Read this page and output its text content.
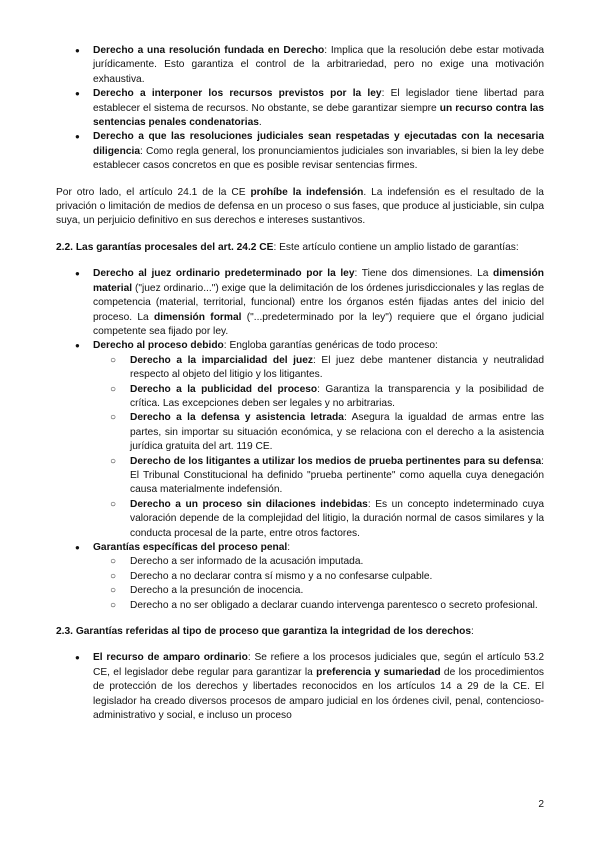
● Derecho a una resolución fundada en Derecho: Implica que la resolución debe estar motivada jurídicamente. Esto garantiza el control de la arbitrariedad, pero no exige una motivación exhaustiva.
● Derecho a interponer los recursos previstos por la ley: El legislador tiene libertad para establecer el sistema de recursos. No obstante, se debe garantizar siempre un recurso contra las sentencias penales condenatorias.
● Derecho a que las resoluciones judiciales sean respetadas y ejecutadas con la necesaria diligencia: Como regla general, los pronunciamientos judiciales son invariables, si bien la ley debe establecer casos concretos en que es posible revisar sentencias firmes.

Por otro lado, el artículo 24.1 de la CE prohíbe la indefensión. La indefensión es el resultado de la privación o limitación de medios de defensa en un proceso o sus fases, que produce al justiciable, sin culpa suya, un perjuicio definitivo en sus derechos e intereses sustantivos.

2.2. Las garantías procesales del art. 24.2 CE: Este artículo contiene un amplio listado de garantías:

● Derecho al juez ordinario predeterminado por la ley: Tiene dos dimensiones. La dimensión material ("juez ordinario...") exige que la delimitación de los órdenes jurisdiccionales y las reglas de competencia (material, territorial, funcional) entre los órganos estén fijadas antes del inicio del proceso. La dimensión formal ("...predeterminado por la ley") requiere que el órgano judicial competente sea fijado por ley.
● Derecho al proceso debido: Engloba garantías genéricas de todo proceso:
○ Derecho a la imparcialidad del juez: El juez debe mantener distancia y neutralidad respecto al objeto del litigio y los litigantes.
○ Derecho a la publicidad del proceso: Garantiza la transparencia y la posibilidad de crítica. Las excepciones deben ser legales y no arbitrarias.
○ Derecho a la defensa y asistencia letrada: Asegura la igualdad de armas entre las partes, sin importar su situación económica, y se relaciona con el derecho a la asistencia jurídica gratuita del art. 119 CE.
○ Derecho de los litigantes a utilizar los medios de prueba pertinentes para su defensa: El Tribunal Constitucional ha definido "prueba pertinente" como aquella cuya denegación causa materialmente indefensión.
○ Derecho a un proceso sin dilaciones indebidas: Es un concepto indeterminado cuya valoración depende de la complejidad del litigio, la duración normal de casos similares y la conducta procesal de la parte, entre otros factores.
● Garantías específicas del proceso penal:
○ Derecho a ser informado de la acusación imputada.
○ Derecho a no declarar contra sí mismo y a no confesarse culpable.
○ Derecho a la presunción de inocencia.
○ Derecho a no ser obligado a declarar cuando intervenga parentesco o secreto profesional.

2.3. Garantías referidas al tipo de proceso que garantiza la integridad de los derechos:

● El recurso de amparo ordinario: Se refiere a los procesos judiciales que, según el artículo 53.2 CE, el legislador debe regular para garantizar la preferencia y sumariedad de los procedimientos de protección de los derechos y libertades reconocidos en los artículos 14 a 29 de la CE. El legislador ha creado diversos procesos de amparo judicial en los órdenes civil, penal, contencioso-administrativo y social, e incluso un proceso
2
